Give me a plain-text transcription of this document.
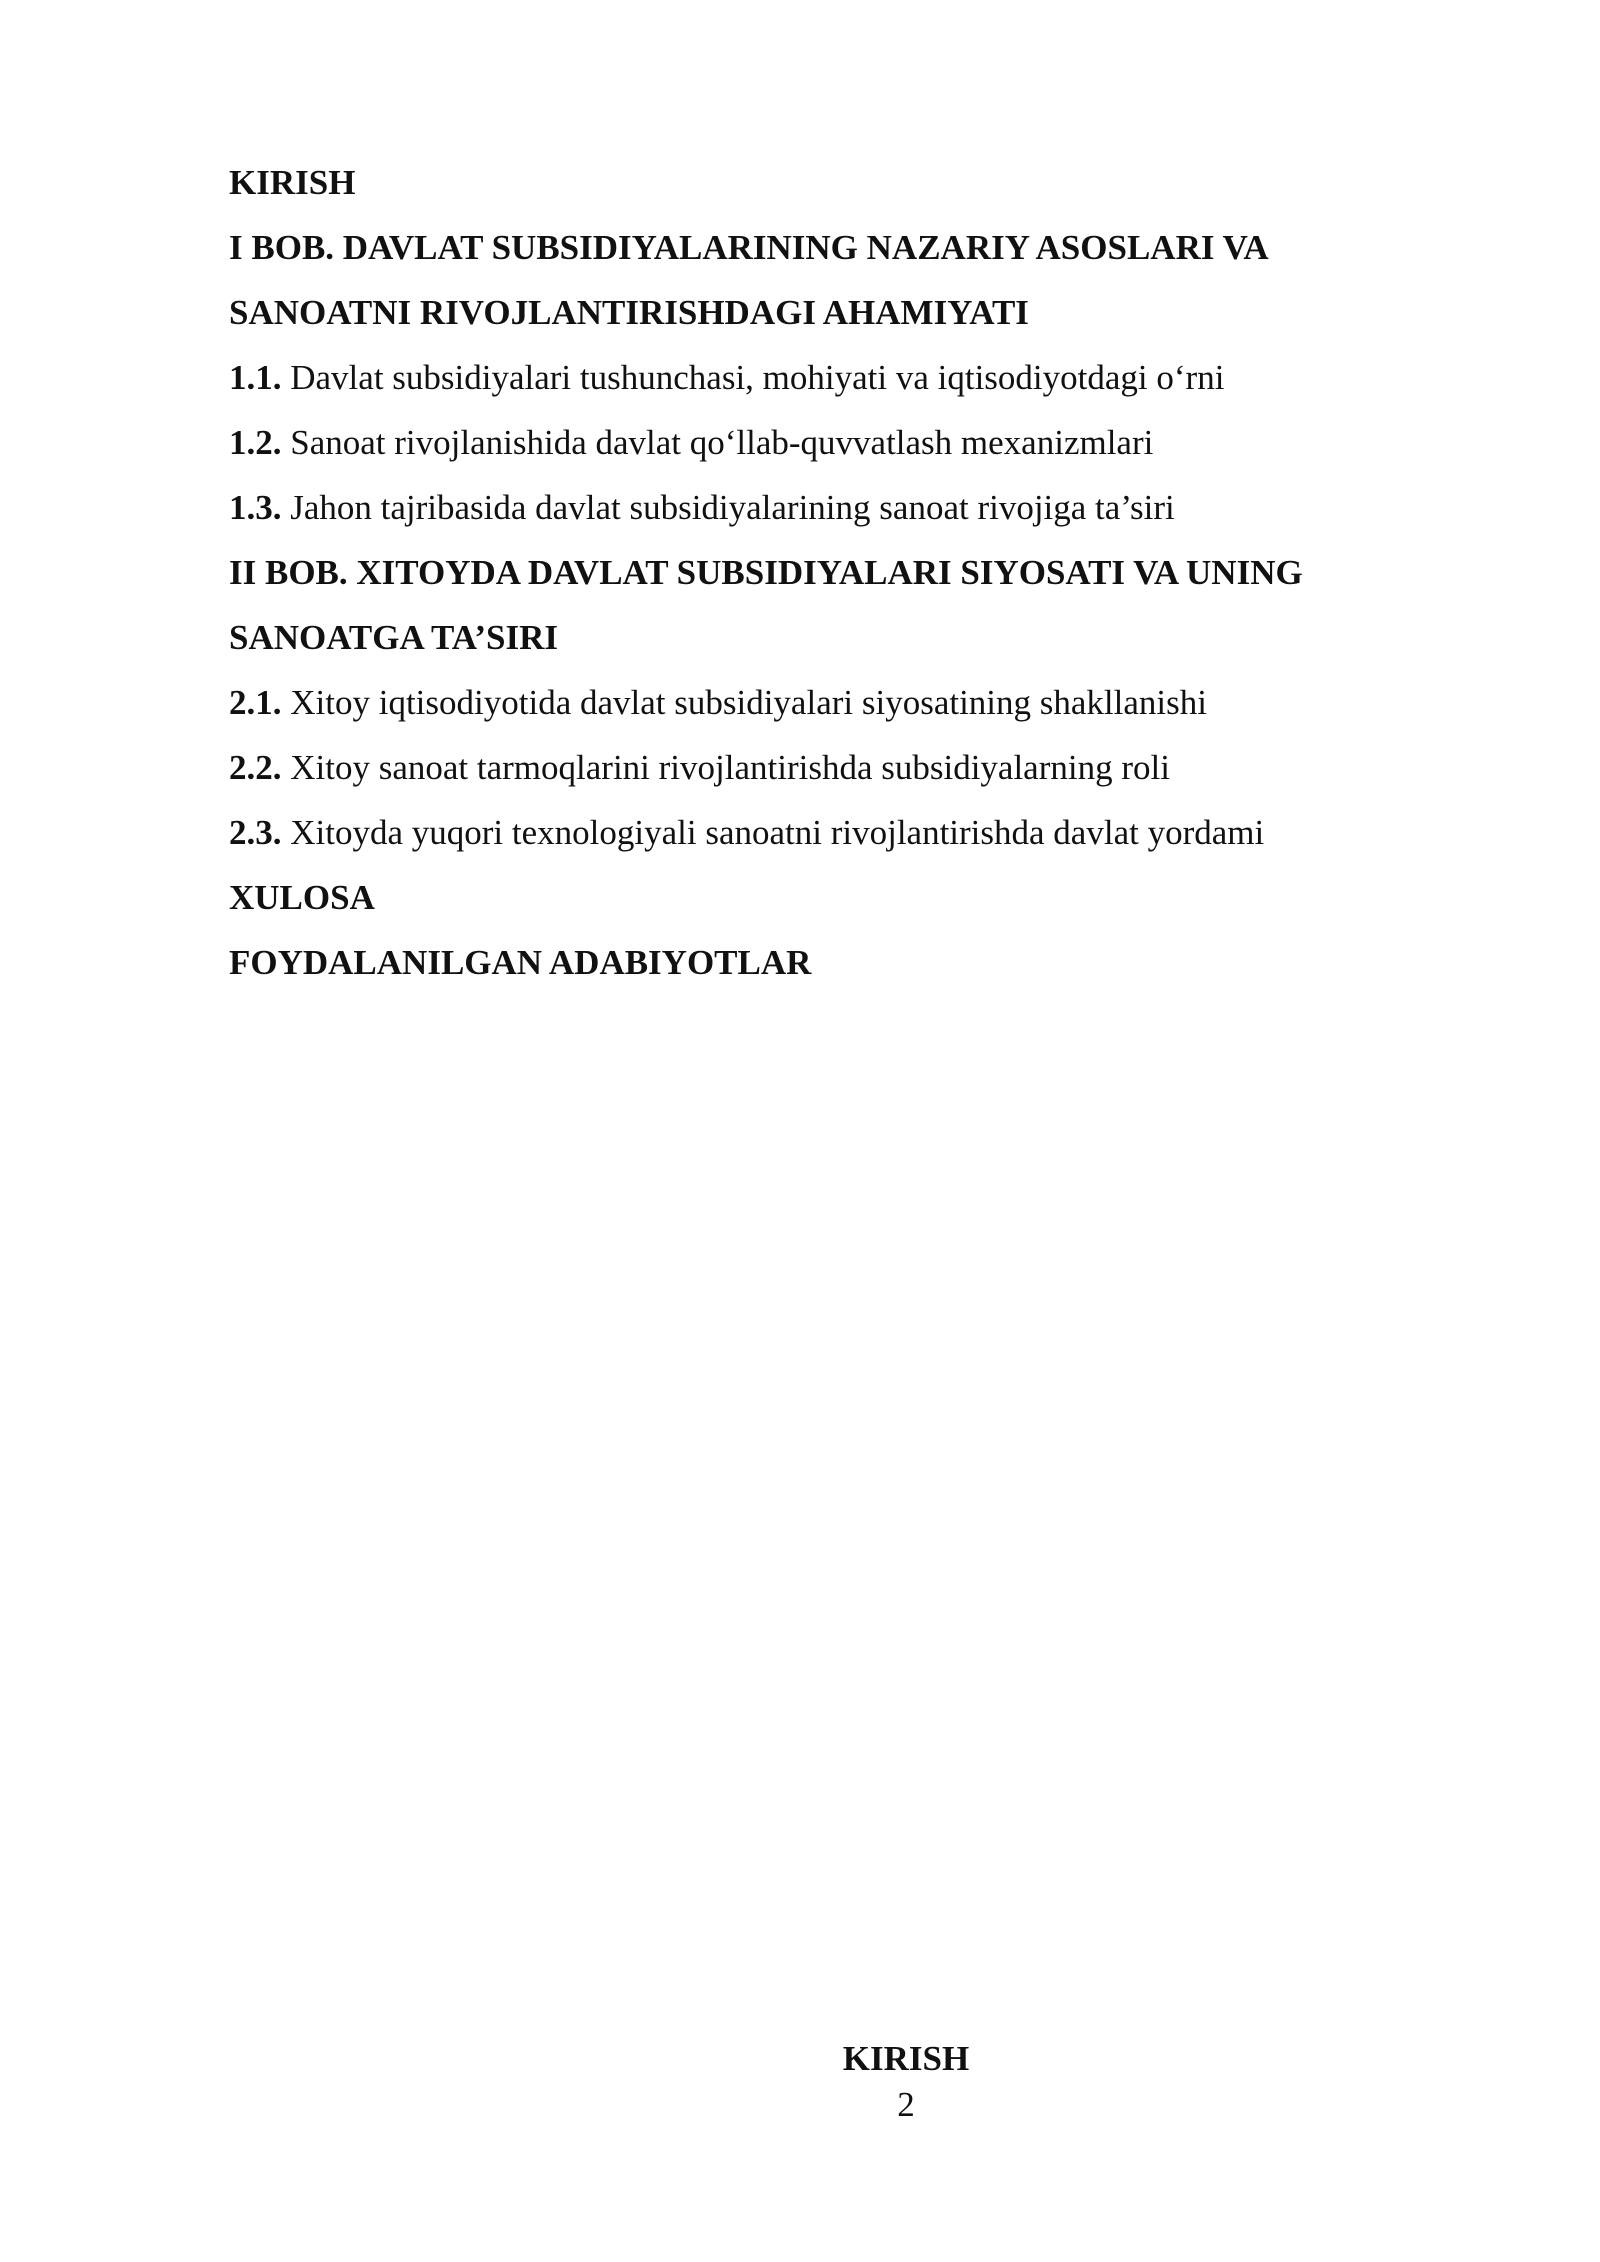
KIRISH
I BOB. DAVLAT SUBSIDIYALARINING NAZARIY ASOSLARI VA
SANOATNI RIVOJLANTIRISHDAGI AHAMIYATI
1.1. Davlat subsidiyalari tushunchasi, mohiyati va iqtisodiyotdagi o‘rni
1.2. Sanoat rivojlanishida davlat qo‘llab-quvvatlash mexanizmlari
1.3. Jahon tajribasida davlat subsidiyalarining sanoat rivojiga ta’siri
II BOB. XITOYDA DAVLAT SUBSIDIYALARI SIYOSATI VA UNING
SANOATGA TA’SIRI
2.1. Xitoy iqtisodiyotida davlat subsidiyalari siyosatining shakllanishi
2.2. Xitoy sanoat tarmoqlarini rivojlantirishda subsidiyalarning roli
2.3. Xitoyda yuqori texnologiyali sanoatni rivojlantirishda davlat yordami
XULOSA
FOYDALANILGAN ADABIYOTLAR
KIRISH
2
